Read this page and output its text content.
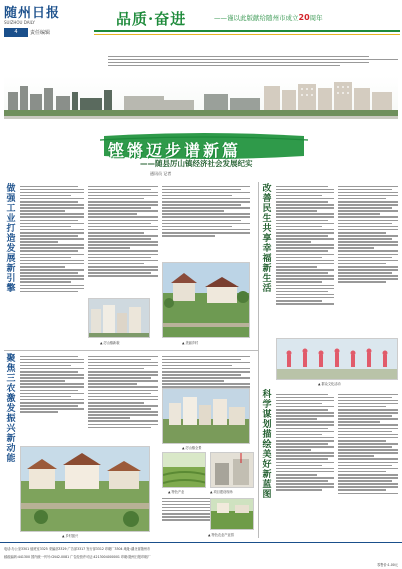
随州日报
SUIZHOU DAILY
4	责任编辑
品质·奋进	——谨以此版献给随州市成立20周年
铿锵迈步谱新篇
——随县厉山镇经济社会发展纪实
通讯员 记者
做强工业 打造发展新引擎
▲ 厉山镇新貌
聚焦三农 激发振兴新动能
▲ 美丽乡村
▲ 特色产业
▲ 乡村振兴
▲ 项目建设现场
▲ 特色农业产业园
改善民生 共享幸福新生活
▲ 群众文化活动
科学谋划 描绘美好新蓝图
▲ 厉山镇全景
电话:办公室3301 值班室3325 采编部3329 广告部3317 发行部3312 印刷厂3304 地址:湖北省随州市
邮政编码:441300 国内统一刊号:CN42-0081 广告经营许可证:4213004000001 印刷:随州日报印刷厂
零售价:1.00元
